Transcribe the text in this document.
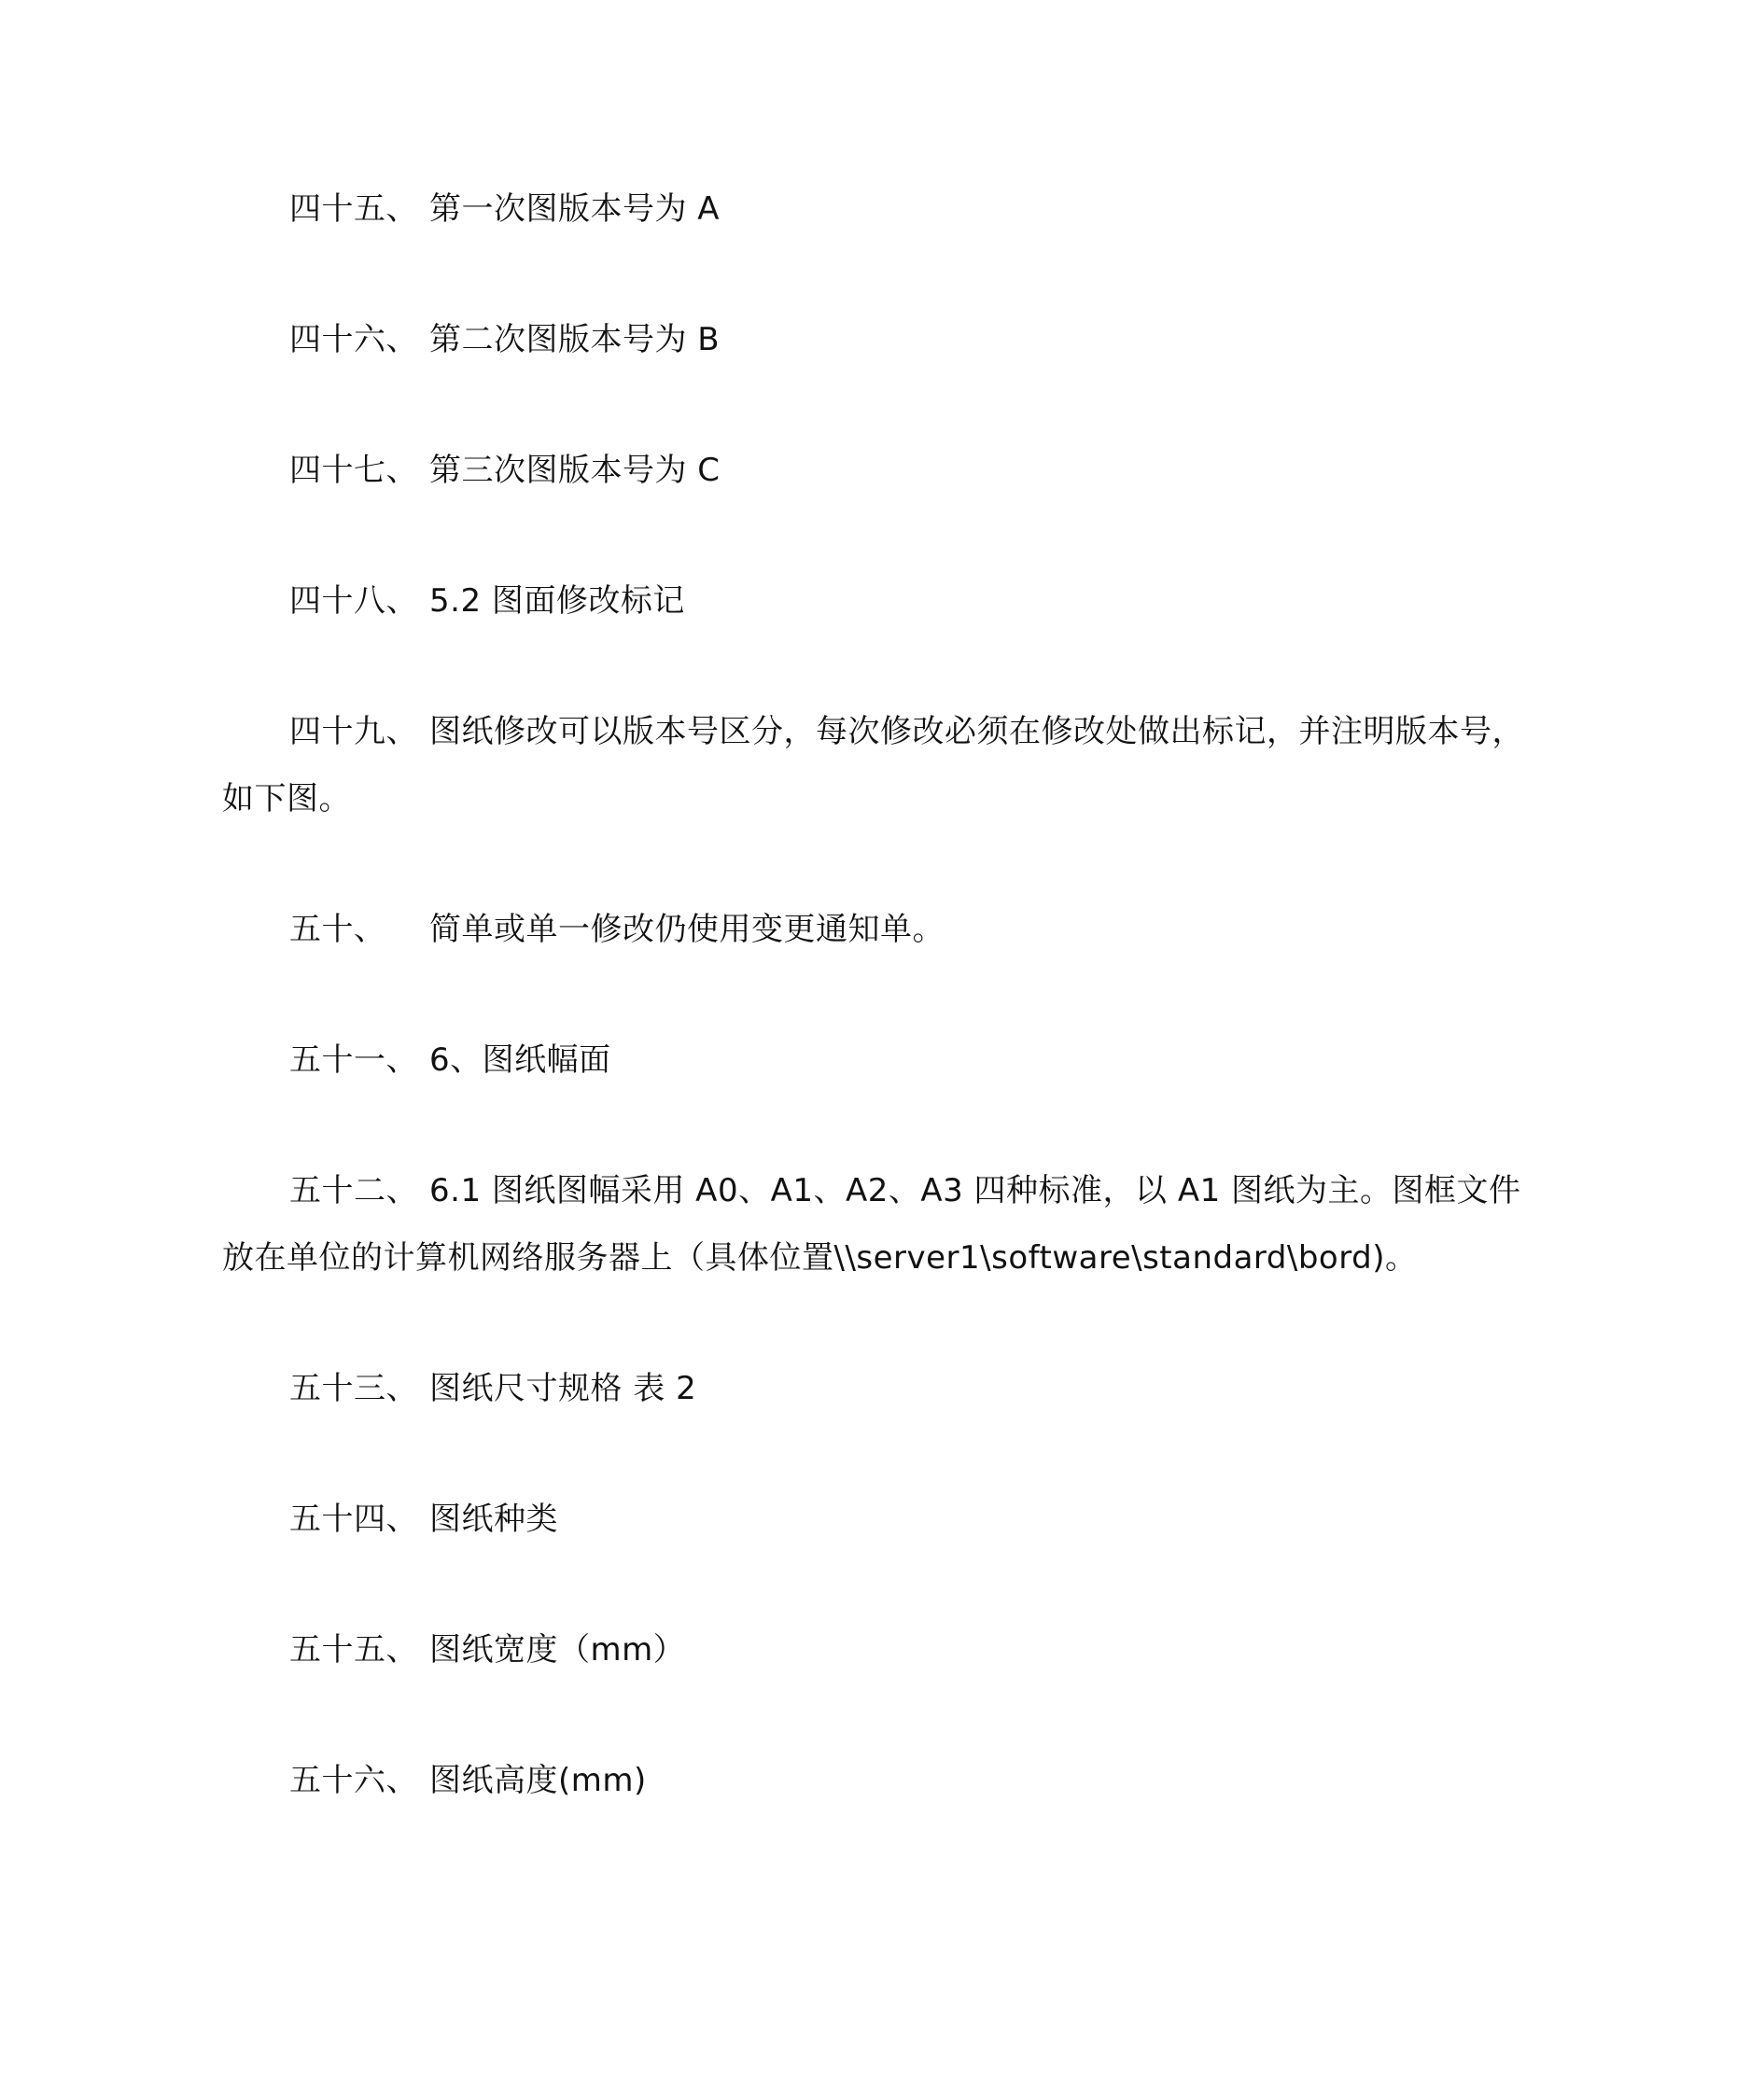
四十五、 第一次图版本号为 A
四十六、 第二次图版本号为 B
四十七、 第三次图版本号为 C
四十八、 5.2 图面修改标记
四十九、 图纸修改可以版本号区分，每次修改必须在修改处做出标记，并注明版本号，
如下图。
五十、 简单或单一修改仍使用变更通知单。
五十一、 6、图纸幅面
五十二、 6.1 图纸图幅采用 A0、A1、A2、A3 四种标准，以 A1 图纸为主。图框文件
放在单位的计算机网络服务器上（具体位置\\server1\software\standard\bord)。
五十三、 图纸尺寸规格 表 2
五十四、 图纸种类
五十五、 图纸宽度（mm）
五十六、 图纸高度(mm)
